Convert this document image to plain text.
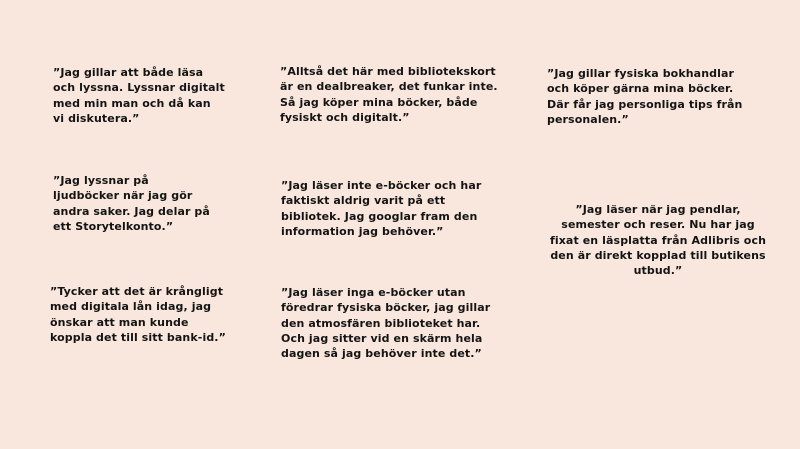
”Jag gillar att både läsa
och lyssna. Lyssnar digitalt
med min man och då kan
vi diskutera.”

”Alltså det här med bibliotekskort
är en dealbreaker, det funkar inte.
Så jag köper mina böcker, både
fysiskt och digitalt.”

”Jag gillar fysiska bokhandlar
och köper gärna mina böcker.
Där får jag personliga tips från
personalen.”

”Jag lyssnar på
ljudböcker när jag gör
andra saker. Jag delar på
ett Storytelkonto.”

”Jag läser inte e-böcker och har
faktiskt aldrig varit på ett
bibliotek. Jag googlar fram den
information jag behöver.”

”Jag läser när jag pendlar,
semester och reser. Nu har jag
fixat en läsplatta från Adlibris och
den är direkt kopplad till butikens
utbud.”

”Tycker att det är krångligt
med digitala lån idag, jag
önskar att man kunde
koppla det till sitt bank-id.”

”Jag läser inga e-böcker utan
föredrar fysiska böcker, jag gillar
den atmosfären biblioteket har.
Och jag sitter vid en skärm hela
dagen så jag behöver inte det.”
